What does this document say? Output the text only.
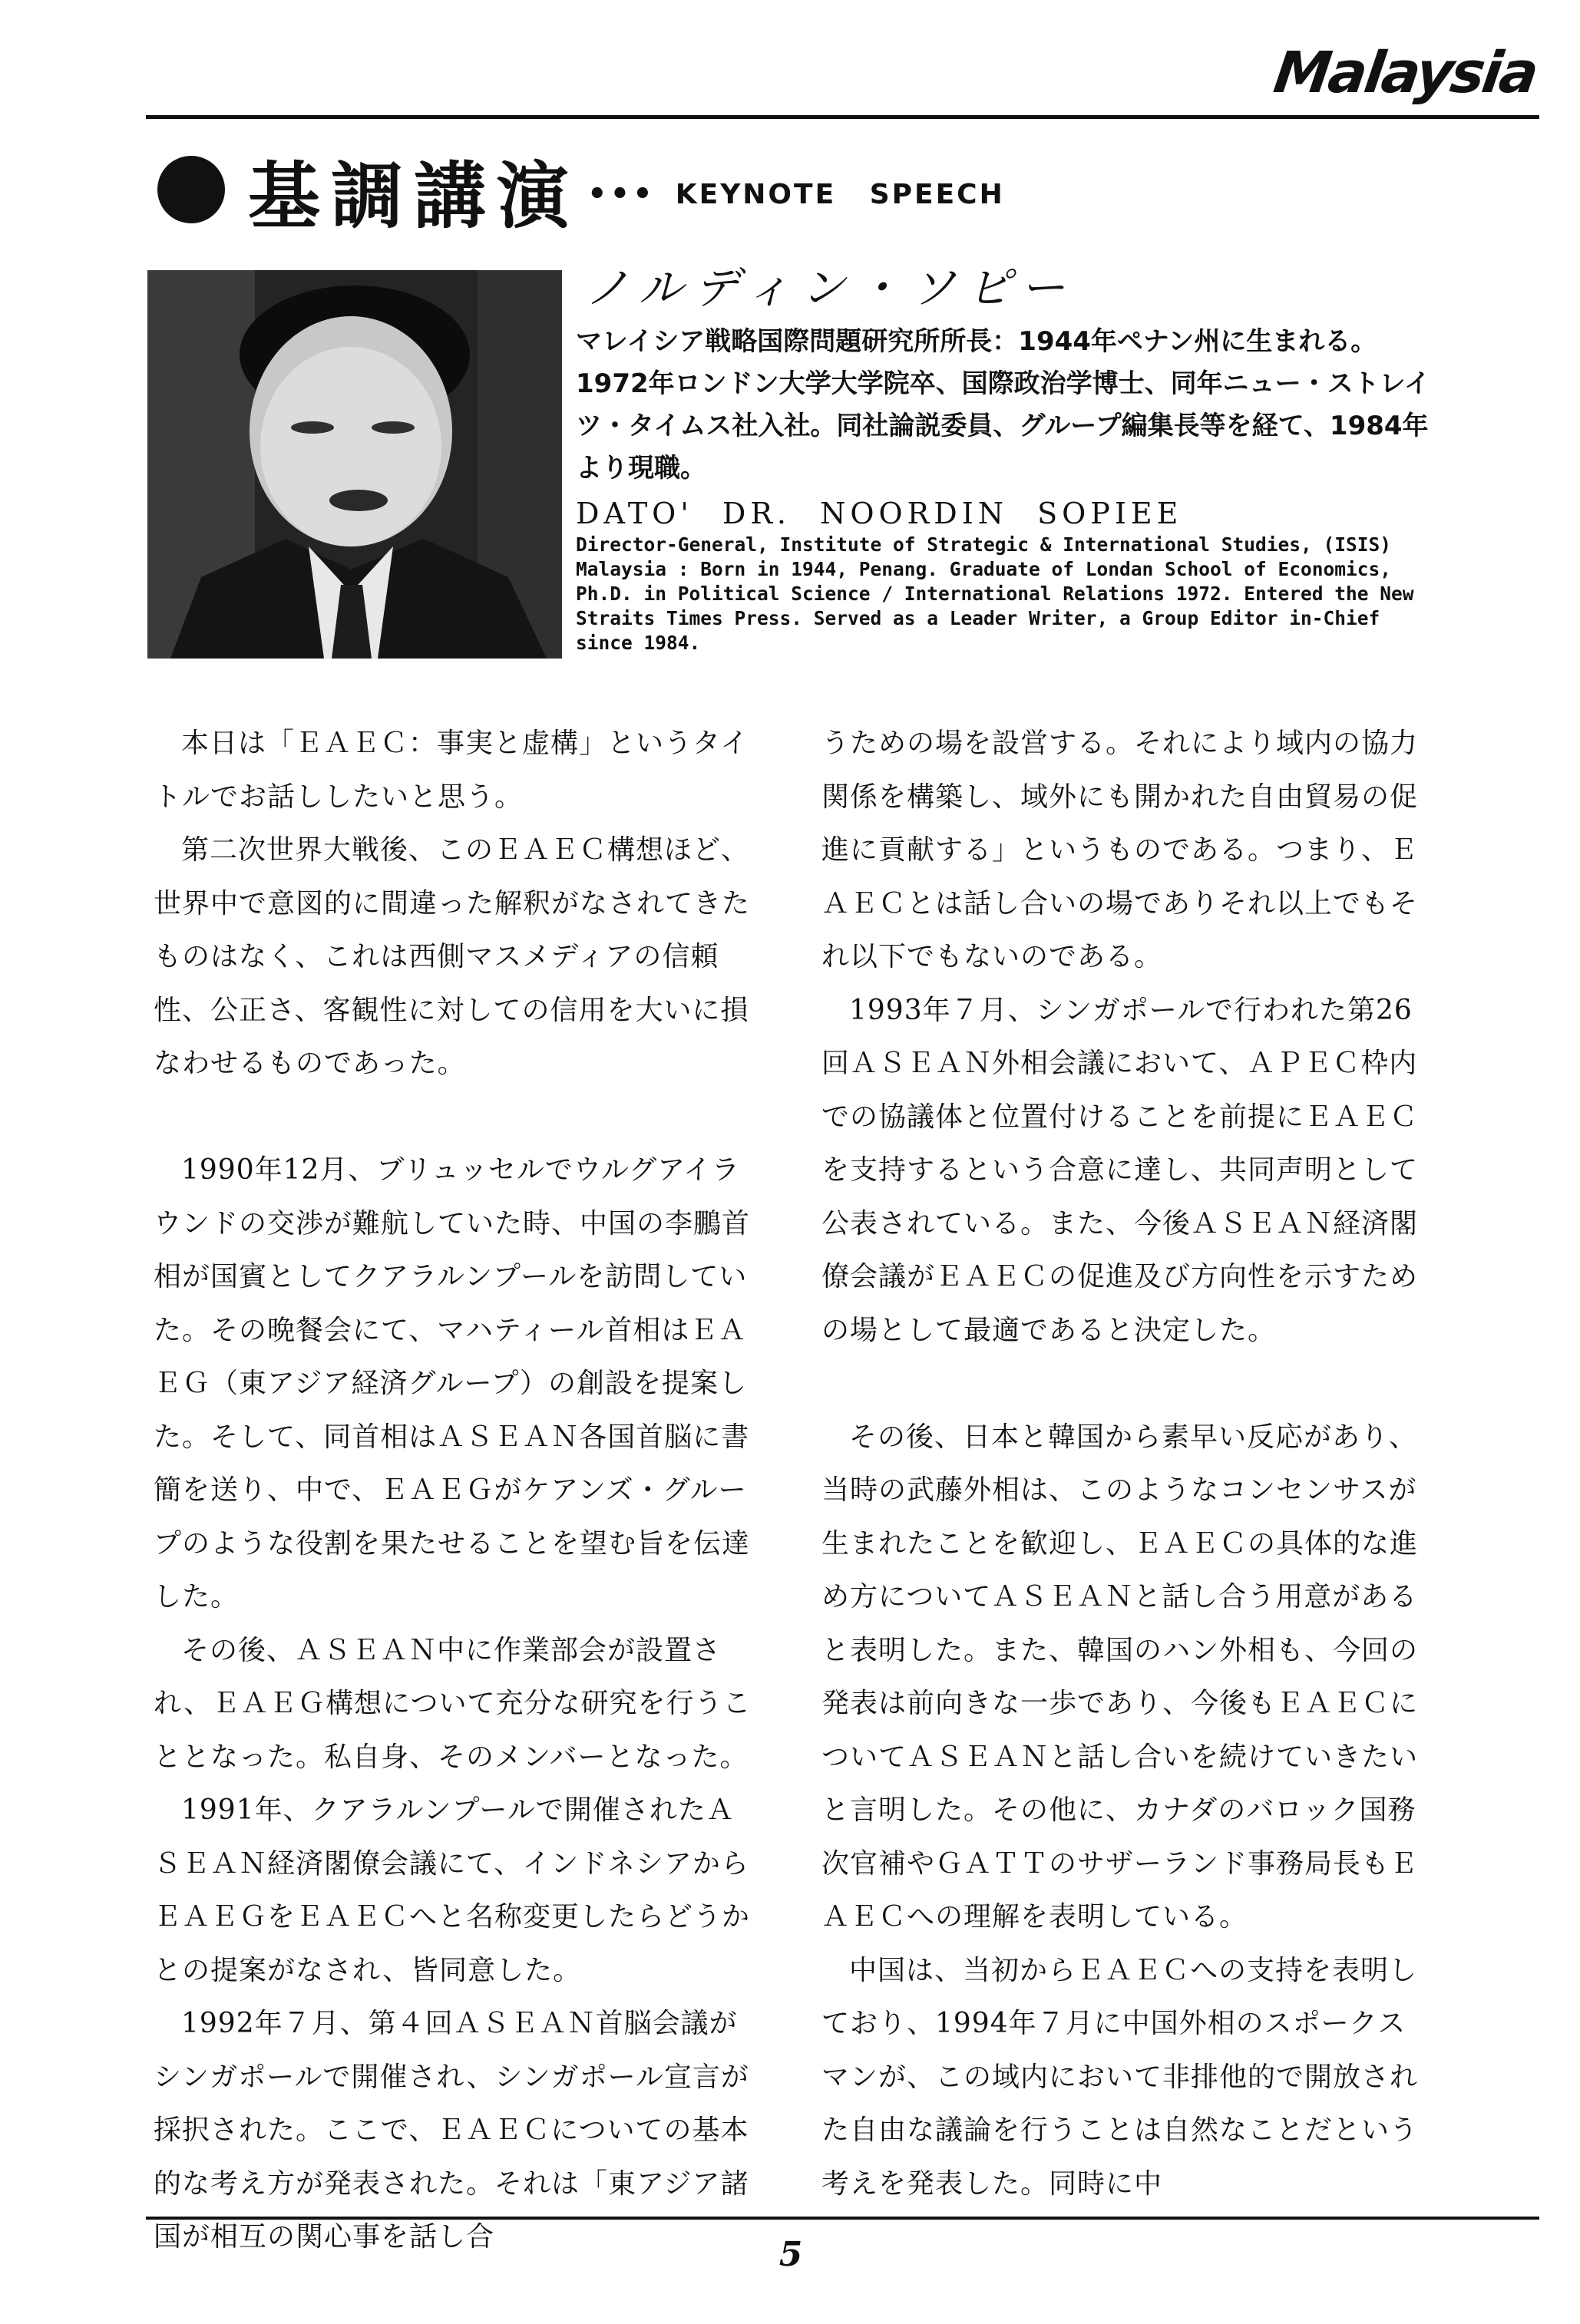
Malaysia
基調講演 ••• KEYNOTE SPEECH
ノルディン・ソピー
マレイシア戦略国際問題研究所所長：1944年ペナン州に生まれる。1972年ロンドン大学大学院卒、国際政治学博士、同年ニュー・ストレイツ・タイムス社入社。同社論説委員、グループ編集長等を経て、1984年より現職。
DATO' DR. NOORDIN SOPIEE
Director-General, Institute of Strategic & International Studies, (ISIS) Malaysia : Born in 1944, Penang. Graduate of Londan School of Economics, Ph.D. in Political Science / International Relations 1972. Entered the New Straits Times Press. Served as a Leader Writer, a Group Editor in-Chief since 1984.

本日は「ＥＡＥＣ：事実と虚構」というタイトルでお話ししたいと思う。

第二次世界大戦後、このＥＡＥＣ構想ほど、世界中で意図的に間違った解釈がなされてきたものはなく、これは西側マスメディアの信頼性、公正さ、客観性に対しての信用を大いに損なわせるものであった。

1990年12月、ブリュッセルでウルグアイラウンドの交渉が難航していた時、中国の李鵬首相が国賓としてクアラルンプールを訪問していた。その晩餐会にて、マハティール首相はＥＡＥＧ（東アジア経済グループ）の創設を提案した。そして、同首相はＡＳＥＡＮ各国首脳に書簡を送り、中で、ＥＡＥＧがケアンズ・グループのような役割を果たせることを望む旨を伝達した。

その後、ＡＳＥＡＮ中に作業部会が設置され、ＥＡＥＧ構想について充分な研究を行うこととなった。私自身、そのメンバーとなった。

1991年、クアラルンプールで開催されたＡＳＥＡＮ経済閣僚会議にて、インドネシアからＥＡＥＧをＥＡＥＣへと名称変更したらどうかとの提案がなされ、皆同意した。

1992年７月、第４回ＡＳＥＡＮ首脳会議がシンガポールで開催され、シンガポール宣言が採択された。ここで、ＥＡＥＣについての基本的な考え方が発表された。それは「東アジア諸国が相互の関心事を話し合

うための場を設営する。それにより域内の協力関係を構築し、域外にも開かれた自由貿易の促進に貢献する」というものである。つまり、ＥＡＥＣとは話し合いの場でありそれ以上でもそれ以下でもないのである。

1993年７月、シンガポールで行われた第26回ＡＳＥＡＮ外相会議において、ＡＰＥＣ枠内での協議体と位置付けることを前提にＥＡＥＣを支持するという合意に達し、共同声明として公表されている。また、今後ＡＳＥＡＮ経済閣僚会議がＥＡＥＣの促進及び方向性を示すための場として最適であると決定した。

その後、日本と韓国から素早い反応があり、当時の武藤外相は、このようなコンセンサスが生まれたことを歓迎し、ＥＡＥＣの具体的な進め方についてＡＳＥＡＮと話し合う用意があると表明した。また、韓国のハン外相も、今回の発表は前向きな一歩であり、今後もＥＡＥＣについてＡＳＥＡＮと話し合いを続けていきたいと言明した。その他に、カナダのバロック国務次官補やＧＡＴＴのサザーランド事務局長もＥＡＥＣへの理解を表明している。

中国は、当初からＥＡＥＣへの支持を表明しており、1994年７月に中国外相のスポークスマンが、この域内において非排他的で開放された自由な議論を行うことは自然なことだという考えを発表した。同時に中

5
